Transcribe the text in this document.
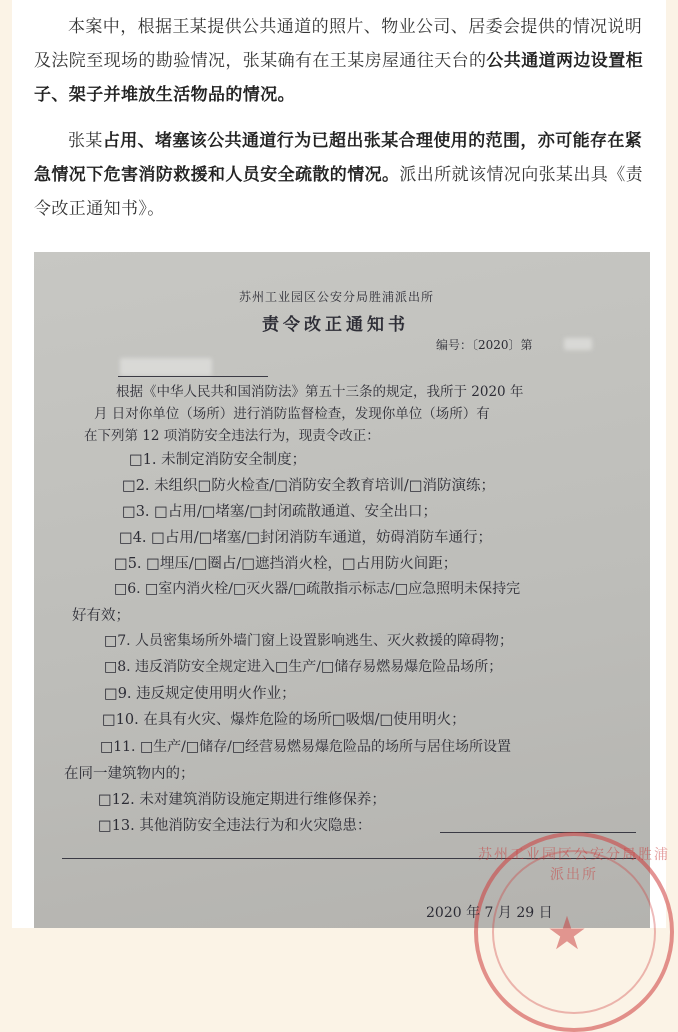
本案中，根据王某提供公共通道的照片、物业公司、居委会提供的情况说明及法院至现场的勘验情况，张某确有在王某房屋通往天台的公共通道两边设置柜子、架子并堆放生活物品的情况。

张某占用、堵塞该公共通道行为已超出张某合理使用的范围，亦可能存在紧急情况下危害消防救援和人员安全疏散的情况。派出所就该情况向张某出具《责令改正通知书》。

苏州工业园区公安分局胜浦派出所
责令改正通知书
编号：〔2020〕第
根据《中华人民共和国消防法》第五十三条的规定，我所于 2020 年
月 日对你单位（场所）进行消防监督检查，发现你单位（场所）有
在下列第 12 项消防安全违法行为，现责令改正：
□1. 未制定消防安全制度；
□2. 未组织□防火检查/□消防安全教育培训/□消防演练；
□3. □占用/□堵塞/□封闭疏散通道、安全出口；
□4. □占用/□堵塞/□封闭消防车通道，妨碍消防车通行；
□5. □埋压/□圈占/□遮挡消火栓，□占用防火间距；
□6. □室内消火栓/□灭火器/□疏散指示标志/□应急照明未保持完
好有效；
□7. 人员密集场所外墙门窗上设置影响逃生、灭火救援的障碍物；
□8. 违反消防安全规定进入□生产/□储存易燃易爆危险品场所；
□9. 违反规定使用明火作业；
□10. 在具有火灾、爆炸危险的场所□吸烟/□使用明火；
□11. □生产/□储存/□经营易燃易爆危险品的场所与居住场所设置
在同一建筑物内的；
□12. 未对建筑消防设施定期进行维修保养；
□13. 其他消防安全违法行为和火灾隐患：
苏州工业园区公安分局胜浦派出所
★
2020 年 7 月 29 日
